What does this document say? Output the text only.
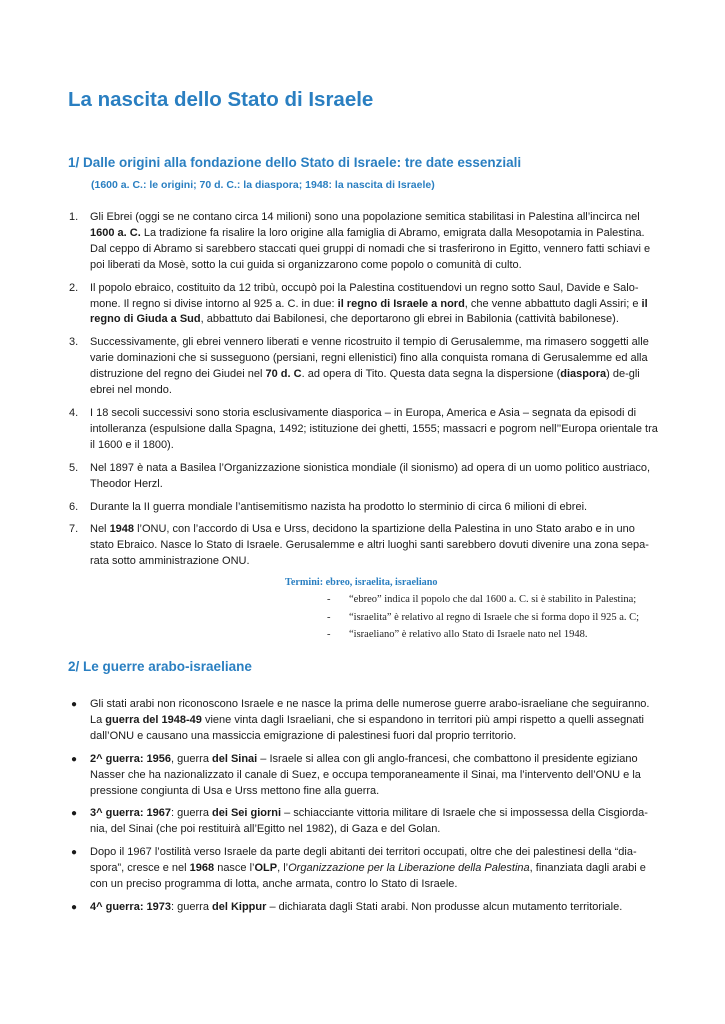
La nascita dello Stato di Israele
1/ Dalle origini alla fondazione dello Stato di Israele: tre date essenziali
(1600 a. C.: le origini; 70 d. C.: la diaspora; 1948: la nascita di Israele)
1. Gli Ebrei (oggi se ne contano circa 14 milioni) sono una popolazione semitica stabilitasi in Palestina all’incirca nel 1600 a. C. La tradizione fa risalire la loro origine alla famiglia di Abramo, emigrata dalla Mesopotamia in Palestina. Dal ceppo di Abramo si sarebbero staccati quei gruppi di nomadi che si trasferirono in Egitto, vennero fatti schiavi e poi liberati da Mosè, sotto la cui guida si organizzarono come popolo o comunità di culto.
2. Il popolo ebraico, costituito da 12 tribù, occupò poi la Palestina costituendovi un regno sotto Saul, Davide e Salo-mone. Il regno si divise intorno al 925 a. C. in due: il regno di Israele a nord, che venne abbattuto dagli Assiri; e il regno di Giuda a Sud, abbattuto dai Babilonesi, che deportarono gli ebrei in Babilonia (cattività babilonese).
3. Successivamente, gli ebrei vennero liberati e venne ricostruito il tempio di Gerusalemme, ma rimasero soggetti alle varie dominazioni che si susseguono (persiani, regni ellenistici) fino alla conquista romana di Gerusalemme ed alla distruzione del regno dei Giudei nel 70 d. C. ad opera di Tito. Questa data segna la dispersione (diaspora) de-gli ebrei nel mondo.
4. I 18 secoli successivi sono storia esclusivamente diasporica – in Europa, America e Asia – segnata da episodi di intolleranza (espulsione dalla Spagna, 1492; istituzione dei ghetti, 1555; massacri e pogrom nell’’Europa orientale tra il 1600 e il 1800).
5. Nel 1897 è nata a Basilea l’Organizzazione sionistica mondiale (il sionismo) ad opera di un uomo politico austriaco, Theodor Herzl.
6. Durante la II guerra mondiale l’antisemitismo nazista ha prodotto lo sterminio di circa 6 milioni di ebrei.
7. Nel 1948 l’ONU, con l’accordo di Usa e Urss, decidono la spartizione della Palestina in uno Stato arabo e in uno stato Ebraico. Nasce lo Stato di Israele. Gerusalemme e altri luoghi santi sarebbero dovuti divenire una zona sepa-rata sotto amministrazione ONU.
Termini: ebreo, israelita, israeliano
- “ebreo” indica il popolo che dal 1600 a. C. si è stabilito in Palestina;
- “israelita” è relativo al regno di Israele che si forma dopo il 925 a. C;
- “israeliano” è relativo allo Stato di Israele nato nel 1948.
2/ Le guerre arabo-israeliane
● Gli stati arabi non riconoscono Israele e ne nasce la prima delle numerose guerre arabo-israeliane che seguiranno. La guerra del 1948-49 viene vinta dagli Israeliani, che si espandono in territori più ampi rispetto a quelli assegnati dall’ONU e causano una massiccia emigrazione di palestinesi fuori dal proprio territorio.
● 2^ guerra: 1956, guerra del Sinai – Israele si allea con gli anglo-francesi, che combattono il presidente egiziano Nasser che ha nazionalizzato il canale di Suez, e occupa temporaneamente il Sinai, ma l’intervento dell’ONU e la pressione congiunta di Usa e Urss mettono fine alla guerra.
● 3^ guerra: 1967: guerra dei Sei giorni – schiacciante vittoria militare di Israele che si impossessa della Cisgiorda-nia, del Sinai (che poi restituirà all’Egitto nel 1982), di Gaza e del Golan.
● Dopo il 1967 l’ostilità verso Israele da parte degli abitanti dei territori occupati, oltre che dei palestinesi della “dia-spora”, cresce e nel 1968 nasce l’OLP, l’Organizzazione per la Liberazione della Palestina, finanziata dagli arabi e con un preciso programma di lotta, anche armata, contro lo Stato di Israele.
● 4^ guerra: 1973: guerra del Kippur – dichiarata dagli Stati arabi. Non produsse alcun mutamento territoriale.
